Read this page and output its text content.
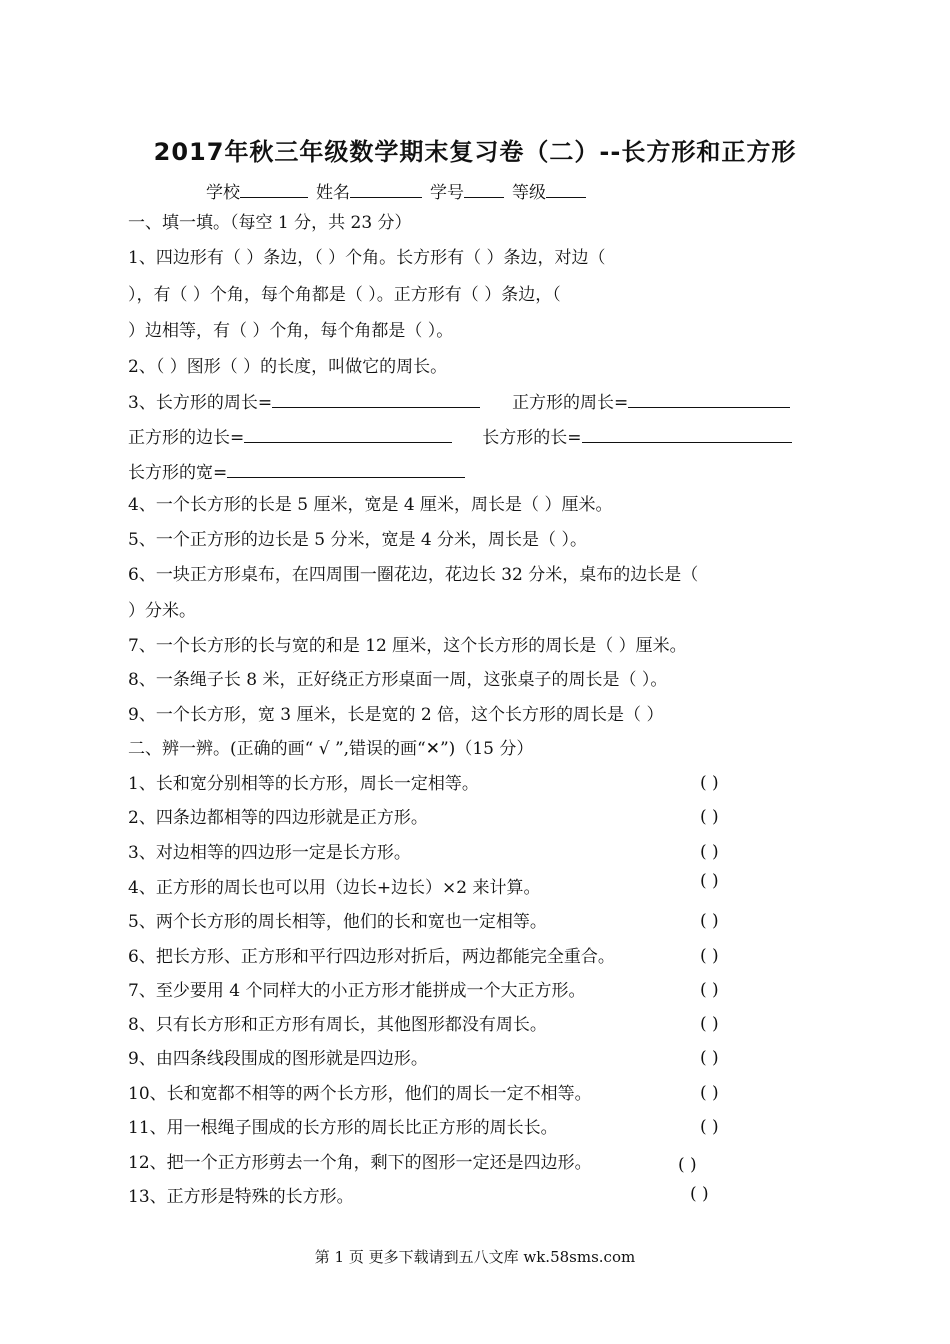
2017年秋三年级数学期末复习卷（二）--长方形和正方形
学校	姓名	学号	等级
一、填一填。（每空 1 分，共 23 分）
1、四边形有（ ）条边，（ ）个角。长方形有（ ）条边，对边（
），有（ ）个角，每个角都是（ ）。正方形有（ ）条边，（
）边相等，有（ ）个角，每个角都是（ ）。
2、（ ）图形（ ）的长度，叫做它的周长。
3、长方形的周长=	正方形的周长=
正方形的边长=	长方形的长=
长方形的宽=
4、一个长方形的长是 5 厘米，宽是 4 厘米，周长是（ ）厘米。
5、一个正方形的边长是 5 分米，宽是 4 分米，周长是（ ）。
6、一块正方形桌布，在四周围一圈花边，花边长 32 分米，桌布的边长是（
）分米。
7、一个长方形的长与宽的和是 12 厘米，这个长方形的周长是（ ）厘米。
8、一条绳子长 8 米，正好绕正方形桌面一周，这张桌子的周长是（ ）。
9、一个长方形，宽 3 厘米，长是宽的 2 倍，这个长方形的周长是（ ）
二、辨一辨。(正确的画“ √ ”,错误的画“✕”)（15 分）
1、长和宽分别相等的长方形，周长一定相等。	( )
2、四条边都相等的四边形就是正方形。	( )
3、对边相等的四边形一定是长方形。	( )
4、正方形的周长也可以用（边长+边长）×2 来计算。	( )
5、两个长方形的周长相等，他们的长和宽也一定相等。	( )
6、把长方形、正方形和平行四边形对折后，两边都能完全重合。	( )
7、至少要用 4 个同样大的小正方形才能拼成一个大正方形。	( )
8、只有长方形和正方形有周长，其他图形都没有周长。	( )
9、由四条线段围成的图形就是四边形。	( )
10、长和宽都不相等的两个长方形，他们的周长一定不相等。	( )
11、用一根绳子围成的长方形的周长比正方形的周长长。	( )
12、把一个正方形剪去一个角，剩下的图形一定还是四边形。	( )
13、正方形是特殊的长方形。	( )
第 1 页 更多下载请到五八文库 wk.58sms.com
